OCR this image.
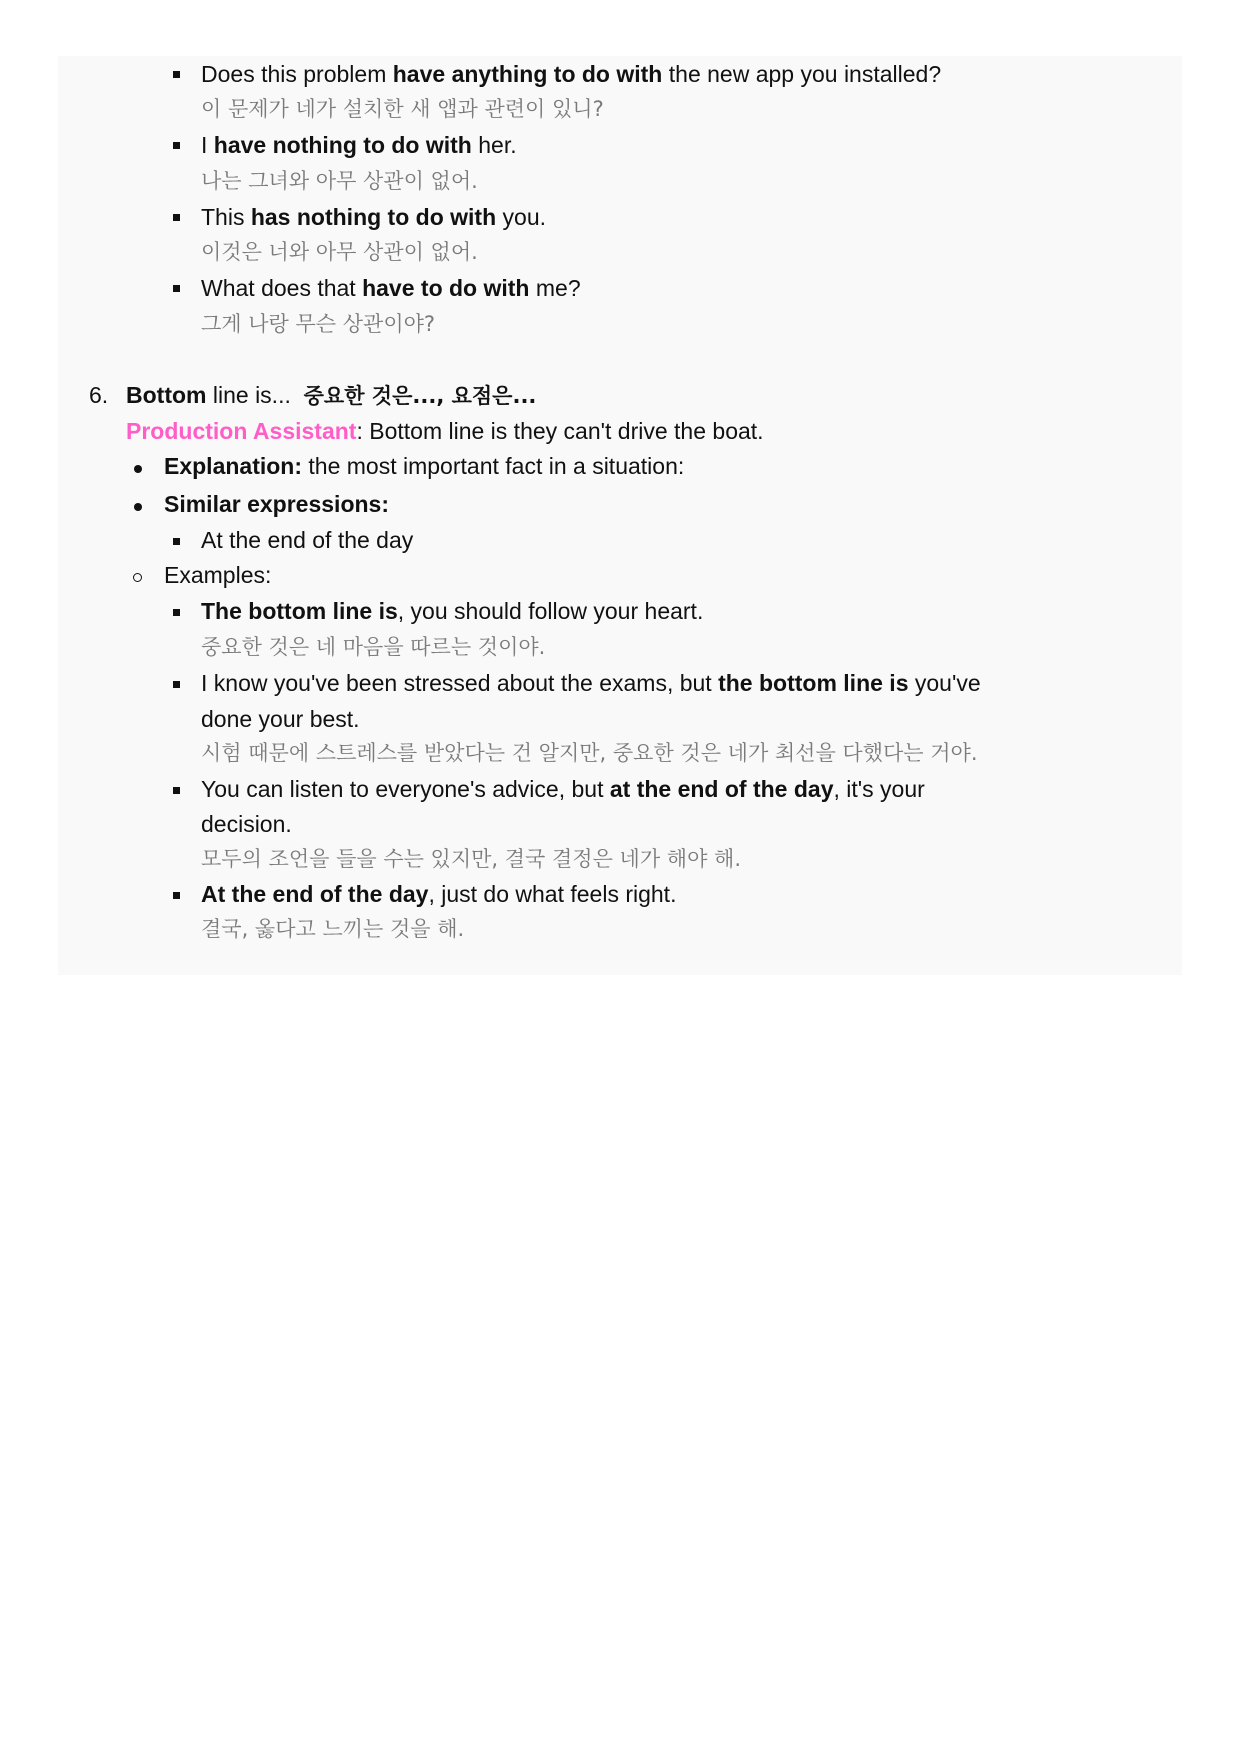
Does this problem have anything to do with the new app you installed?
이 문제가 네가 설치한 새 앱과 관련이 있니?
I have nothing to do with her.
나는 그녀와 아무 상관이 없어.
This has nothing to do with you.
이것은 너와 아무 상관이 없어.
What does that have to do with me?
그게 나랑 무슨 상관이야?
6. Bottom line is... 중요한 것은..., 요점은...
Production Assistant: Bottom line is they can't drive the boat.
Explanation: the most important fact in a situation:
Similar expressions:
At the end of the day
Examples:
The bottom line is, you should follow your heart.
중요한 것은 네 마음을 따르는 것이야.
I know you've been stressed about the exams, but the bottom line is you've
done your best.
시험 때문에 스트레스를 받았다는 건 알지만, 중요한 것은 네가 최선을 다했다는 거야.
You can listen to everyone's advice, but at the end of the day, it's your
decision.
모두의 조언을 들을 수는 있지만, 결국 결정은 네가 해야 해.
At the end of the day, just do what feels right.
결국, 옳다고 느끼는 것을 해.
